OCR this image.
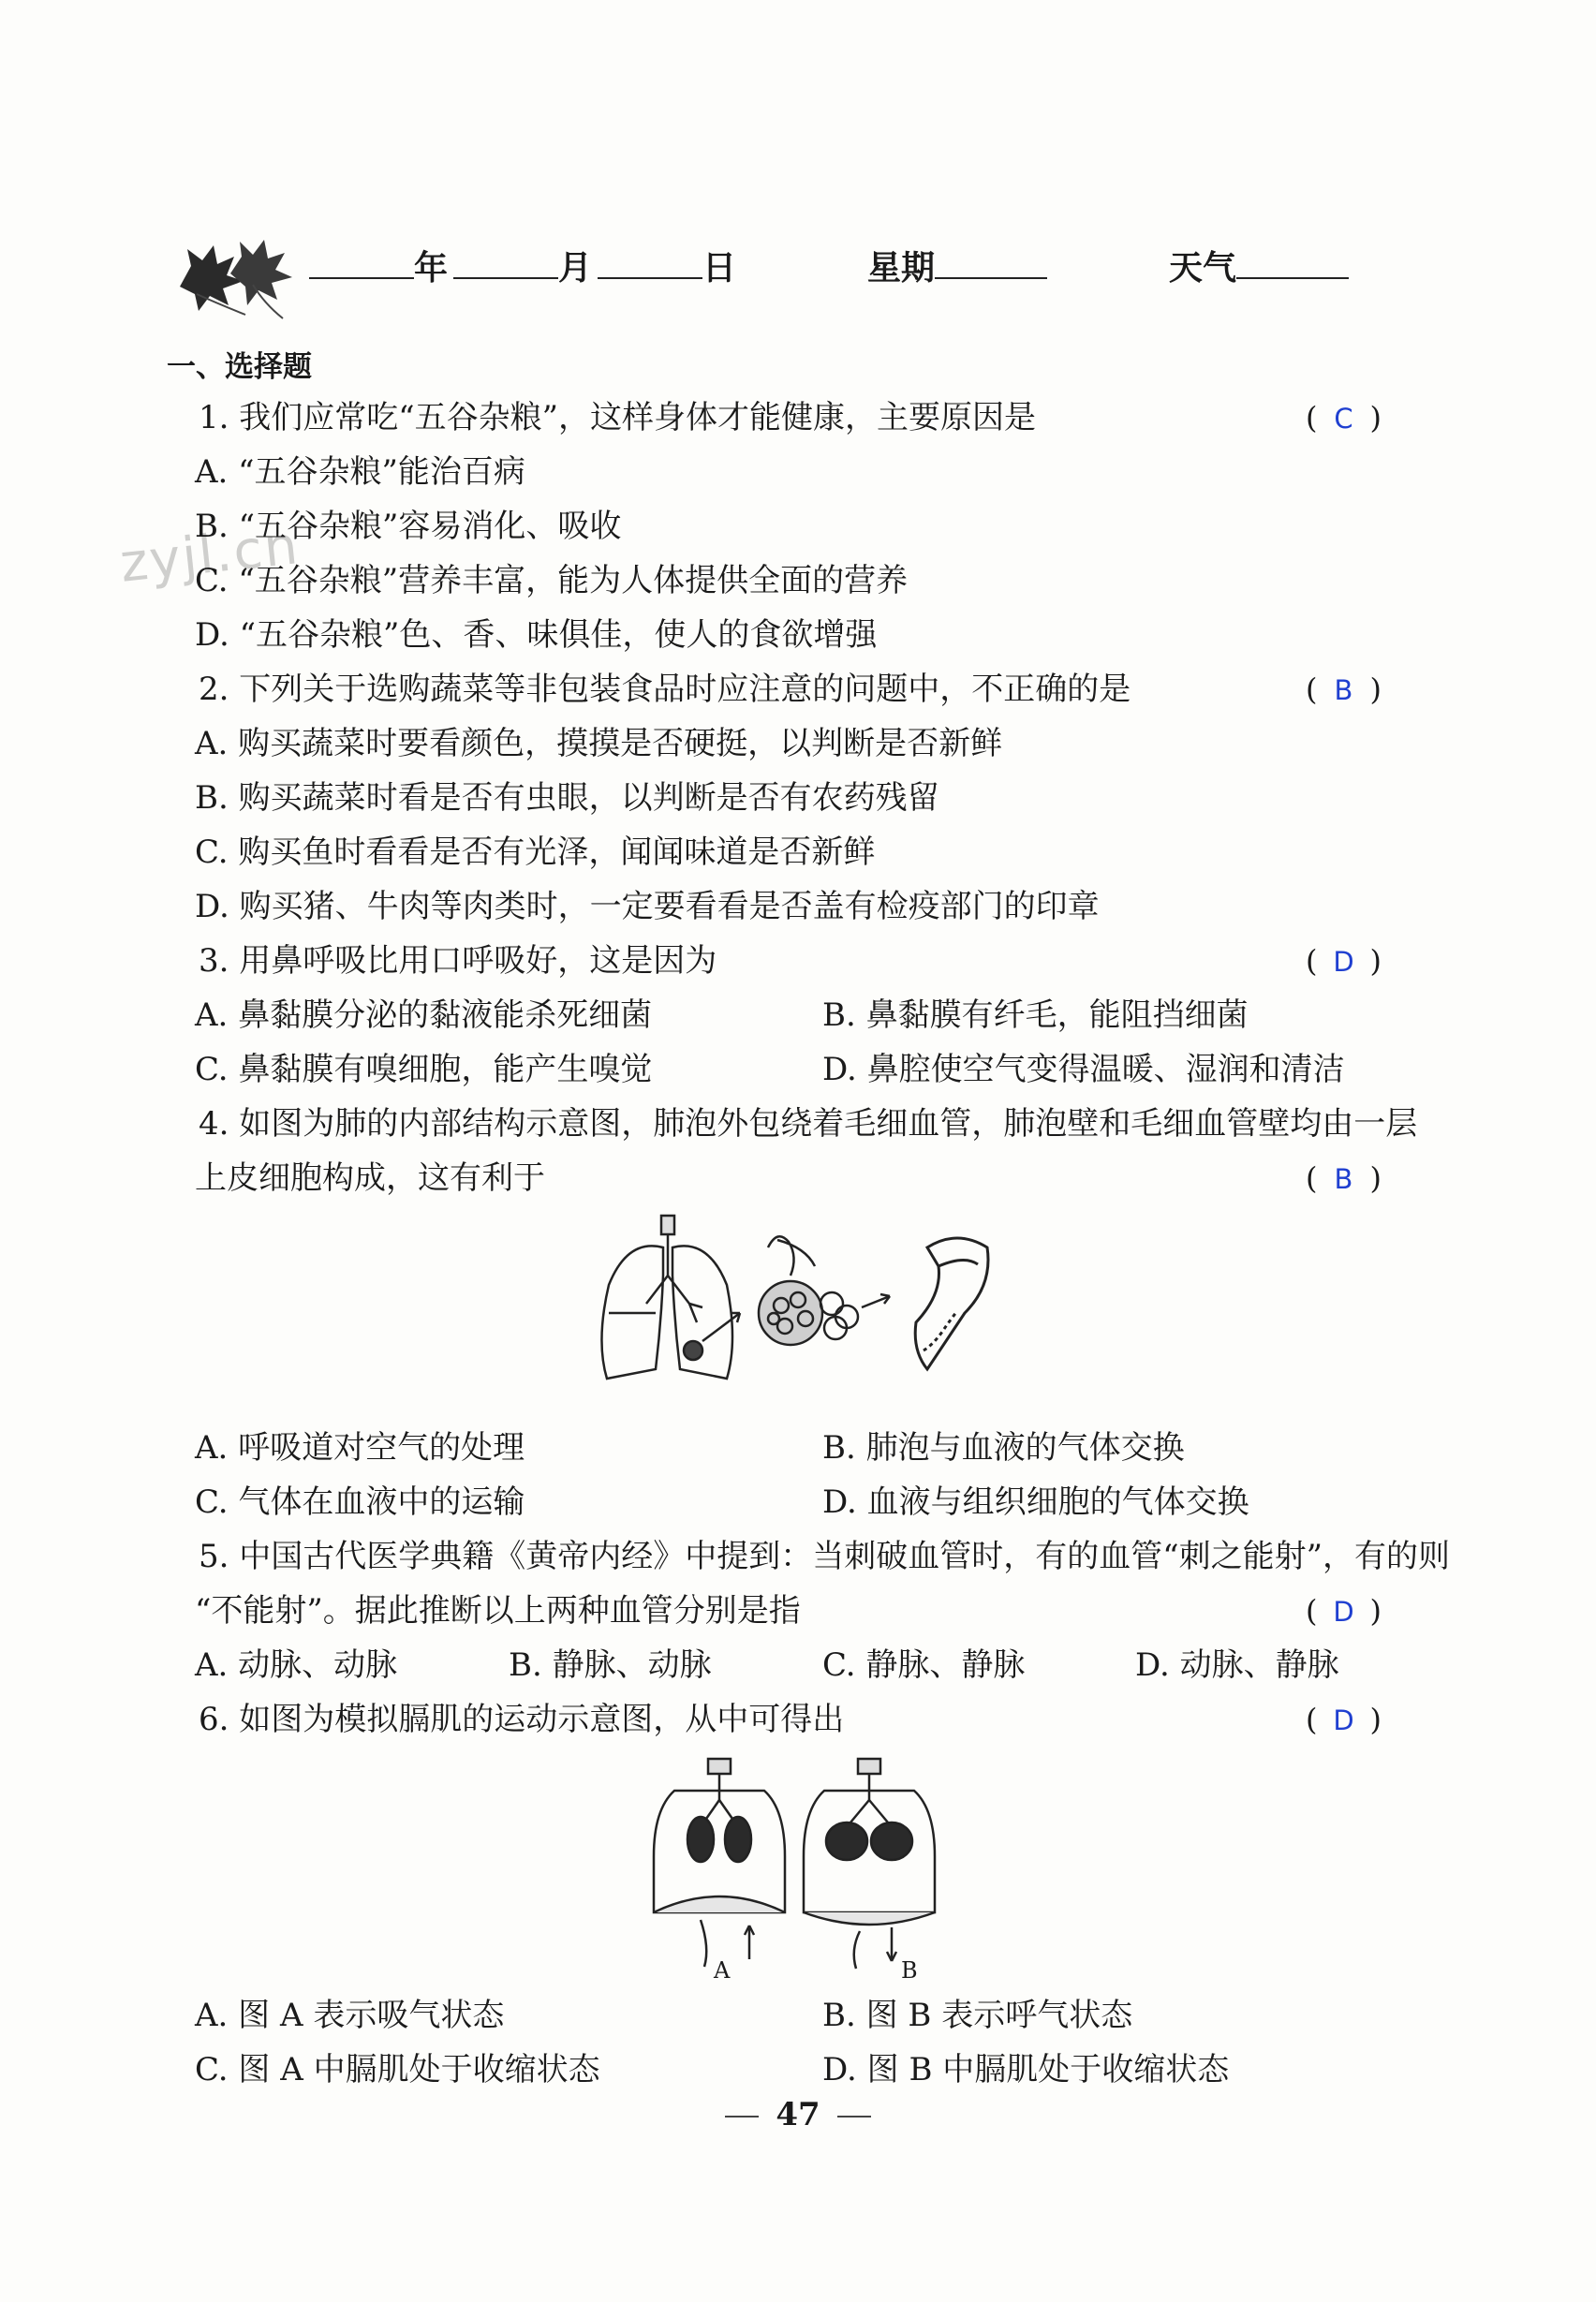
年	月	日	星期	天气
一、选择题
zyjl.cn
1. 我们应常吃“五谷杂粮”，这样身体才能健康，主要原因是	( C )
A. “五谷杂粮”能治百病
B. “五谷杂粮”容易消化、吸收
C. “五谷杂粮”营养丰富，能为人体提供全面的营养
D. “五谷杂粮”色、香、味俱佳，使人的食欲增强
2. 下列关于选购蔬菜等非包装食品时应注意的问题中，不正确的是	( B )
A. 购买蔬菜时要看颜色，摸摸是否硬挺，以判断是否新鲜
B. 购买蔬菜时看是否有虫眼，以判断是否有农药残留
C. 购买鱼时看看是否有光泽，闻闻味道是否新鲜
D. 购买猪、牛肉等肉类时，一定要看看是否盖有检疫部门的印章
3. 用鼻呼吸比用口呼吸好，这是因为	( D )
A. 鼻黏膜分泌的黏液能杀死细菌	B. 鼻黏膜有纤毛，能阻挡细菌
C. 鼻黏膜有嗅细胞，能产生嗅觉	D. 鼻腔使空气变得温暖、湿润和清洁
4. 如图为肺的内部结构示意图，肺泡外包绕着毛细血管，肺泡壁和毛细血管壁均由一层
上皮细胞构成，这有利于	( B )
A. 呼吸道对空气的处理	B. 肺泡与血液的气体交换
C. 气体在血液中的运输	D. 血液与组织细胞的气体交换
5. 中国古代医学典籍《黄帝内经》中提到：当刺破血管时，有的血管“刺之能射”，有的则
“不能射”。据此推断以上两种血管分别是指	( D )
A. 动脉、动脉	B. 静脉、动脉	C. 静脉、静脉	D. 动脉、静脉
6. 如图为模拟膈肌的运动示意图，从中可得出	( D )
A	B
A. 图 A 表示吸气状态	B. 图 B 表示呼气状态
C. 图 A 中膈肌处于收缩状态	D. 图 B 中膈肌处于收缩状态
47
